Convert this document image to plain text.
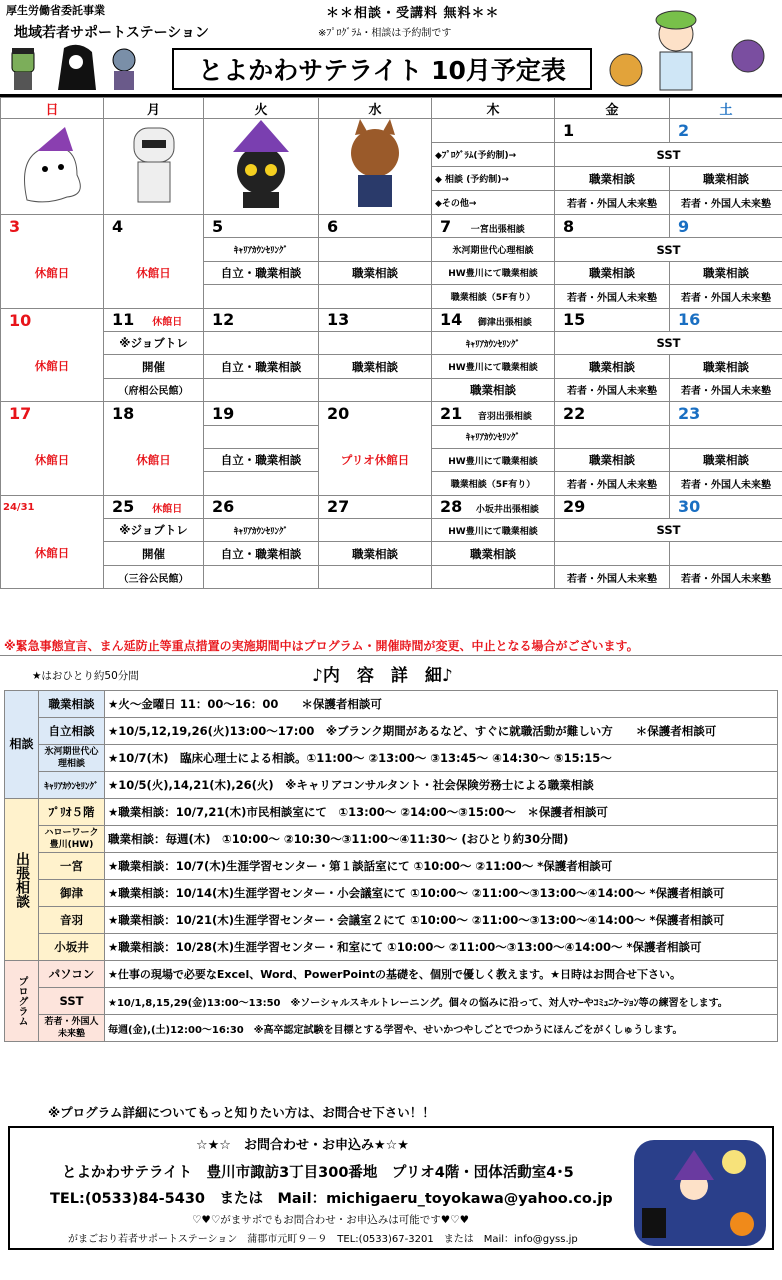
厚生労働省委託事業
地域若者サポートステーション
＊＊相談・受講料 無料＊＊
※ﾌﾟﾛｸﾞﾗﾑ・相談は予約制です
とよかわサテライト 10月予定表
日	月	火	水	木	金	土
					1	2
				◆ﾌﾟﾛｸﾞﾗﾑ(予約制)→	SST	
				◆ 相談 (予約制)→	職業相談	職業相談
				◆その他→	若者・外国人未来塾	若者・外国人未来塾
3	4	5	6	7 一宮出張相談	8	9
休館日	休館日	ｷｬﾘｱｶｳﾝｾﾘﾝｸﾞ		氷河期世代心理相談	SST	
		自立・職業相談	職業相談	HW豊川にて職業相談	職業相談	職業相談
				職業相談（5F有り）	若者・外国人未来塾	若者・外国人未来塾
10	11 休館日	12	13	14 御津出張相談	15	16
休館日	※ジョブトレ			ｷｬﾘｱｶｳﾝｾﾘﾝｸﾞ	SST	
	開催	自立・職業相談	職業相談	HW豊川にて職業相談	職業相談	職業相談
	（府相公民館）			職業相談	若者・外国人未来塾	若者・外国人未来塾
17	18	19	20	21 音羽出張相談	22	23
休館日	休館日		プリオ休館日	ｷｬﾘｱｶｳﾝｾﾘﾝｸﾞ		
		自立・職業相談		HW豊川にて職業相談	職業相談	職業相談
				職業相談（5F有り）	若者・外国人未来塾	若者・外国人未来塾
24/31	25 休館日	26	27	28 小坂井出張相談	29	30
休館日	※ジョブトレ	ｷｬﾘｱｶｳﾝｾﾘﾝｸﾞ		HW豊川にて職業相談	SST	
	開催	自立・職業相談	職業相談	職業相談		
	（三谷公民館）				若者・外国人未来塾	若者・外国人未来塾
※緊急事態宣言、まん延防止等重点措置の実施期間中はプログラム・開催時間が変更、中止となる場合がございます。
★はおひとり約50分間	♪内　容　詳　細♪
相談	職業相談	★火～金曜日 11：00～16：00　　＊保護者相談可
	自立相談	★10/5,12,19,26(火)13:00～17:00　※ブランク期間があるなど、すぐに就職活動が難しい方　　＊保護者相談可
	氷河期世代心理相談	★10/7(木)　臨床心理士による相談。①11:00～ ②13:00～ ③13:45～ ④14:30～ ⑤15:15～
	ｷｬﾘｱｶｳﾝｾﾘﾝｸﾞ	★10/5(火),14,21(木),26(火)　※キャリアコンサルタント・社会保険労務士による職業相談
出張相談	ﾌﾟﾘｵ５階	★職業相談：10/7,21(木)市民相談室にて　①13:00～ ②14:00～③15:00～　＊保護者相談可
	ハローワーク豊川(HW)	職業相談：毎週(木)　①10:00～ ②10:30～③11:00～④11:30～ (おひとり約30分間)
	一宮	★職業相談：10/7(木)生涯学習センター・第１談話室にて ①10:00～ ②11:00～ *保護者相談可
	御津	★職業相談：10/14(木)生涯学習センター・小会議室にて ①10:00～ ②11:00～③13:00～④14:00～ *保護者相談可
	音羽	★職業相談：10/21(木)生涯学習センター・会議室２にて ①10:00～ ②11:00～③13:00～④14:00～ *保護者相談可
	小坂井	★職業相談：10/28(木)生涯学習センター・和室にて ①10:00～ ②11:00～③13:00～④14:00～ *保護者相談可
プログラム	パソコン	★仕事の現場で必要なExcel、Word、PowerPointの基礎を、個別で優しく教えます。★日時はお問合せ下さい。
	SST	★10/1,8,15,29(金)13:00～13:50　※ソーシャルスキルトレーニング。個々の悩みに沿って、対人ﾏﾅｰやｺﾐｭﾆｹｰｼｮﾝ等の練習をします。
	若者・外国人未来塾	毎週(金),(土)12:00～16:30　※高卒認定試験を目標とする学習や、せいかつやしごとでつかうにほんごをがくしゅうします。
※プログラム詳細についてもっと知りたい方は、お問合せ下さい！！
☆★☆　お問合わせ・お申込み★☆★
とよかわサテライト　豊川市諏訪3丁目300番地　プリオ4階・団体活動室4･5
TEL:(0533)84-5430　または　Mail：michigaeru_toyokawa@yahoo.co.jp
♡♥♡がまサポでもお問合わせ・お申込みは可能です♥♡♥
がまごおり若者サポートステーション　蒲郡市元町９－９　TEL:(0533)67-3201　または　Mail：info@gyss.jp
